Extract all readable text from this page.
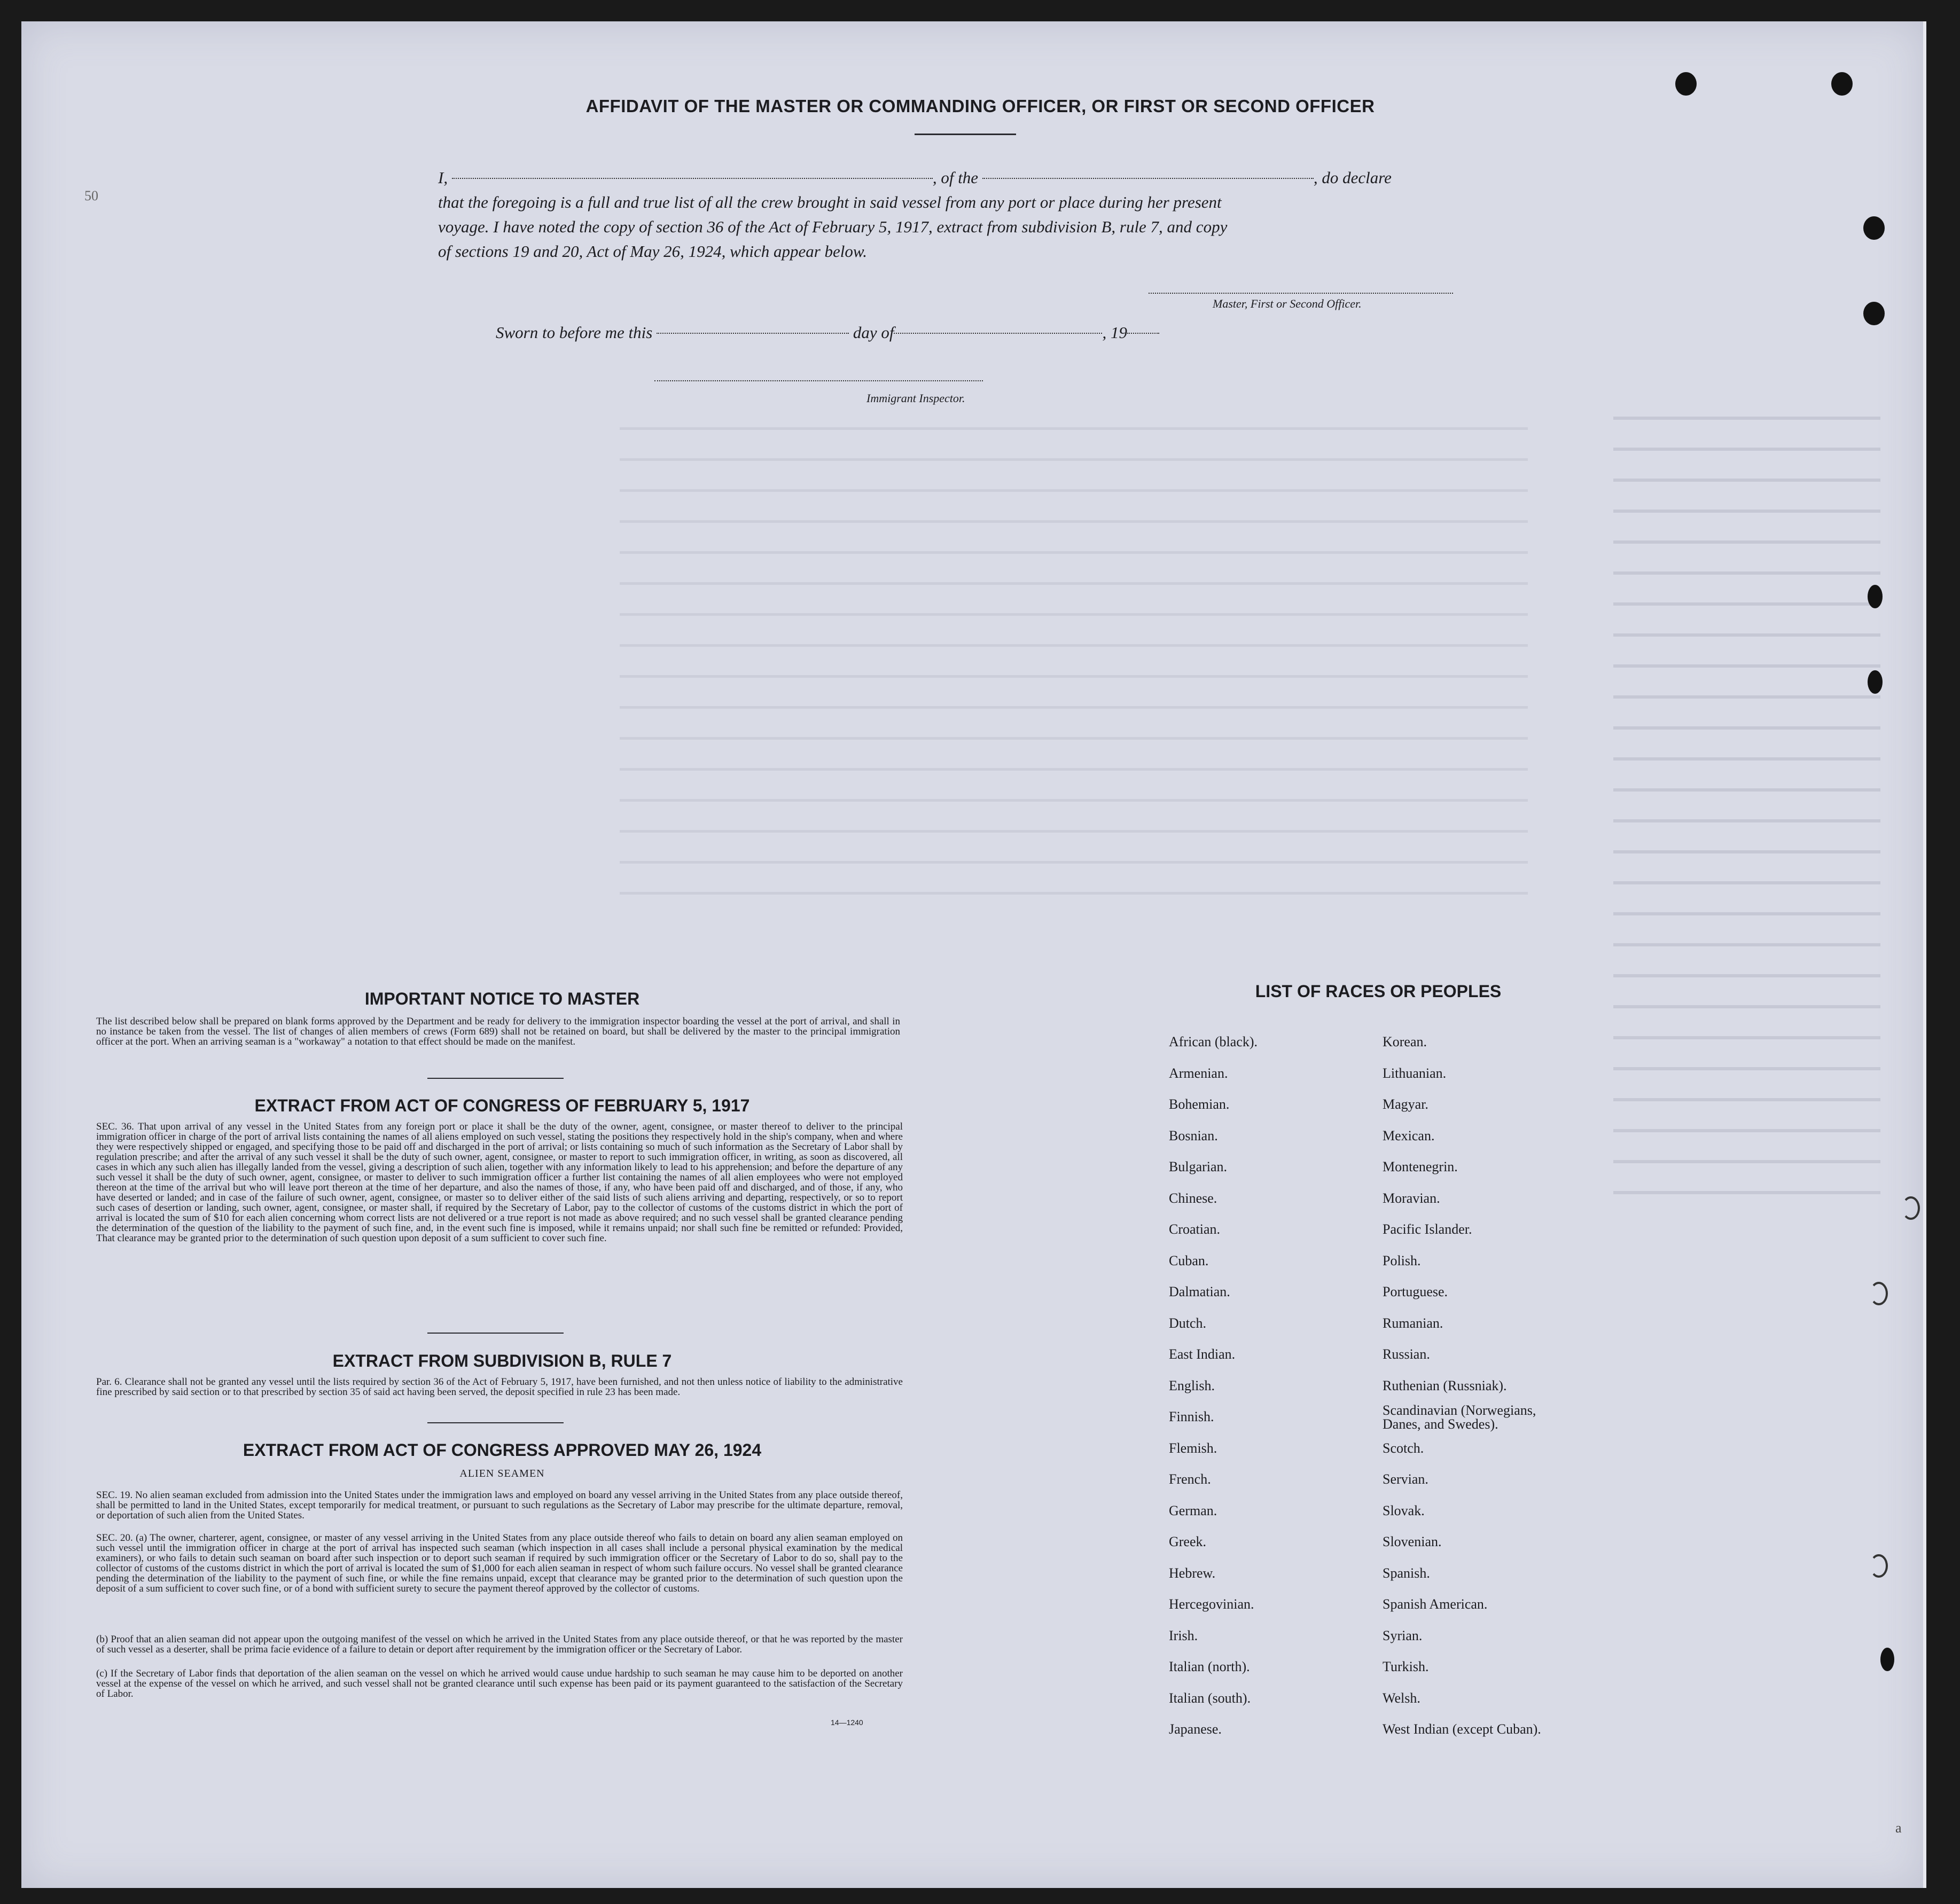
50
a
AFFIDAVIT OF THE MASTER OR COMMANDING OFFICER, OR FIRST OR SECOND OFFICER
I,	, of the	, do declare
that the foregoing is a full and true list of all the crew brought in said vessel from any port or place during her present
voyage. I have noted the copy of section 36 of the Act of February 5, 1917, extract from subdivision B, rule 7, and copy
of sections 19 and 20, Act of May 26, 1924, which appear below.
Master, First or Second Officer.
Sworn to before me this	day of	, 19
Immigrant Inspector.
IMPORTANT NOTICE TO MASTER
The list described below shall be prepared on blank forms approved by the Department and be ready for delivery to the immigration inspector boarding the vessel at the port of arrival, and shall in no instance be taken from the vessel. The list of changes of alien members of crews (Form 689) shall not be retained on board, but shall be delivered by the master to the principal immigration officer at the port. When an arriving seaman is a "workaway" a notation to that effect should be made on the manifest.
EXTRACT FROM ACT OF CONGRESS OF FEBRUARY 5, 1917
SEC. 36. That upon arrival of any vessel in the United States from any foreign port or place it shall be the duty of the owner, agent, consignee, or master thereof to deliver to the principal immigration officer in charge of the port of arrival lists containing the names of all aliens employed on such vessel, stating the positions they respectively hold in the ship's company, when and where they were respectively shipped or engaged, and specifying those to be paid off and discharged in the port of arrival; or lists containing so much of such information as the Secretary of Labor shall by regulation prescribe; and after the arrival of any such vessel it shall be the duty of such owner, agent, consignee, or master to report to such immigration officer, in writing, as soon as discovered, all cases in which any such alien has illegally landed from the vessel, giving a description of such alien, together with any information likely to lead to his apprehension; and before the departure of any such vessel it shall be the duty of such owner, agent, consignee, or master to deliver to such immigration officer a further list containing the names of all alien employees who were not employed thereon at the time of the arrival but who will leave port thereon at the time of her departure, and also the names of those, if any, who have been paid off and discharged, and of those, if any, who have deserted or landed; and in case of the failure of such owner, agent, consignee, or master so to deliver either of the said lists of such aliens arriving and departing, respectively, or so to report such cases of desertion or landing, such owner, agent, consignee, or master shall, if required by the Secretary of Labor, pay to the collector of customs of the customs district in which the port of arrival is located the sum of $10 for each alien concerning whom correct lists are not delivered or a true report is not made as above required; and no such vessel shall be granted clearance pending the determination of the question of the liability to the payment of such fine, and, in the event such fine is imposed, while it remains unpaid; nor shall such fine be remitted or refunded: Provided, That clearance may be granted prior to the determination of such question upon deposit of a sum sufficient to cover such fine.
EXTRACT FROM SUBDIVISION B, RULE 7
Par. 6. Clearance shall not be granted any vessel until the lists required by section 36 of the Act of February 5, 1917, have been furnished, and not then unless notice of liability to the administrative fine prescribed by said section or to that prescribed by section 35 of said act having been served, the deposit specified in rule 23 has been made.
EXTRACT FROM ACT OF CONGRESS APPROVED MAY 26, 1924
ALIEN SEAMEN
SEC. 19. No alien seaman excluded from admission into the United States under the immigration laws and employed on board any vessel arriving in the United States from any place outside thereof, shall be permitted to land in the United States, except temporarily for medical treatment, or pursuant to such regulations as the Secretary of Labor may prescribe for the ultimate departure, removal, or deportation of such alien from the United States.
SEC. 20. (a) The owner, charterer, agent, consignee, or master of any vessel arriving in the United States from any place outside thereof who fails to detain on board any alien seaman employed on such vessel until the immigration officer in charge at the port of arrival has inspected such seaman (which inspection in all cases shall include a personal physical examination by the medical examiners), or who fails to detain such seaman on board after such inspection or to deport such seaman if required by such immigration officer or the Secretary of Labor to do so, shall pay to the collector of customs of the customs district in which the port of arrival is located the sum of $1,000 for each alien seaman in respect of whom such failure occurs. No vessel shall be granted clearance pending the determination of the liability to the payment of such fine, or while the fine remains unpaid, except that clearance may be granted prior to the determination of such question upon the deposit of a sum sufficient to cover such fine, or of a bond with sufficient surety to secure the payment thereof approved by the collector of customs.
(b) Proof that an alien seaman did not appear upon the outgoing manifest of the vessel on which he arrived in the United States from any place outside thereof, or that he was reported by the master of such vessel as a deserter, shall be prima facie evidence of a failure to detain or deport after requirement by the immigration officer or the Secretary of Labor.
(c) If the Secretary of Labor finds that deportation of the alien seaman on the vessel on which he arrived would cause undue hardship to such seaman he may cause him to be deported on another vessel at the expense of the vessel on which he arrived, and such vessel shall not be granted clearance until such expense has been paid or its payment guaranteed to the satisfaction of the Secretary of Labor.
14—1240
LIST OF RACES OR PEOPLES
African (black).
Armenian.
Bohemian.
Bosnian.
Bulgarian.
Chinese.
Croatian.
Cuban.
Dalmatian.
Dutch.
East Indian.
English.
Finnish.
Flemish.
French.
German.
Greek.
Hebrew.
Hercegovinian.
Irish.
Italian (north).
Italian (south).
Japanese.
Korean.
Lithuanian.
Magyar.
Mexican.
Montenegrin.
Moravian.
Pacific Islander.
Polish.
Portuguese.
Rumanian.
Russian.
Ruthenian (Russniak).
Scandinavian (Norwegians, Danes, and Swedes).
Scotch.
Servian.
Slovak.
Slovenian.
Spanish.
Spanish American.
Syrian.
Turkish.
Welsh.
West Indian (except Cuban).
